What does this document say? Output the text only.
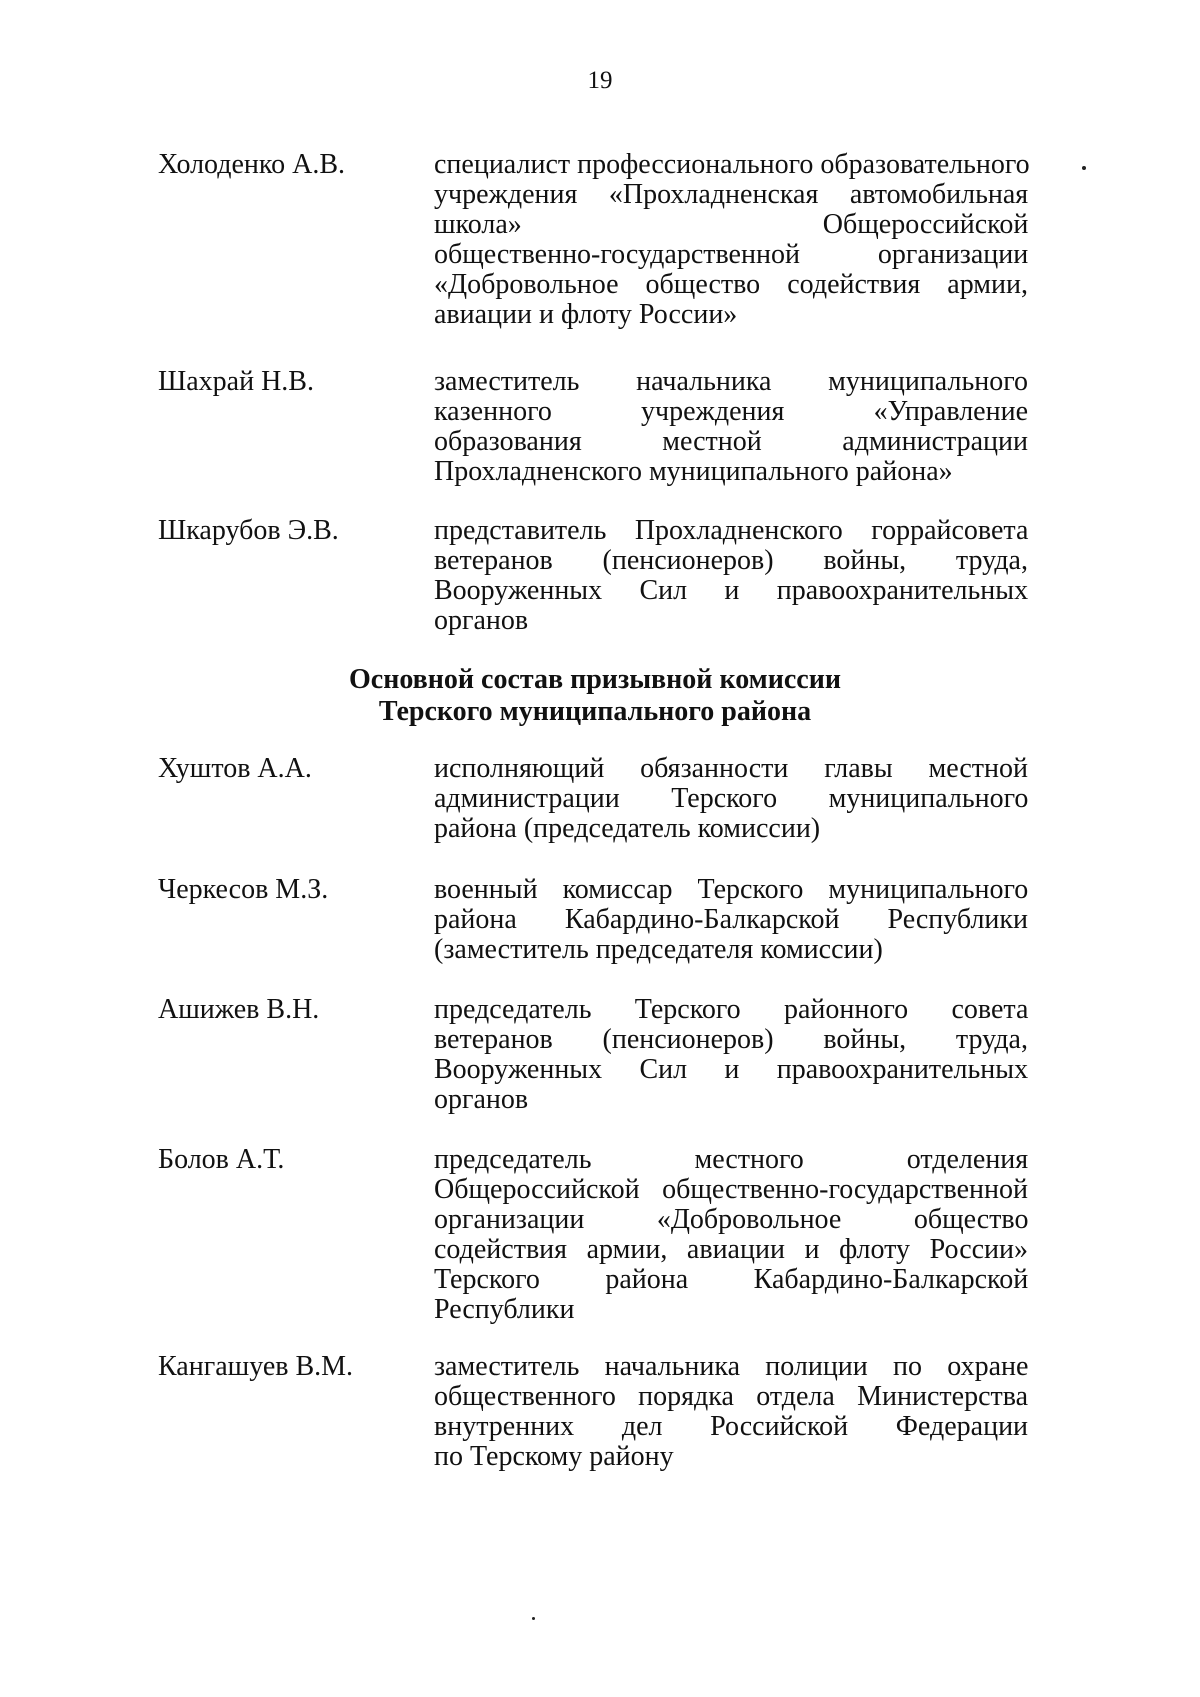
19
Холоденко А.В.	специалист профессионального образовательного
учреждения «Прохладненская автомобильная
школа» Общероссийской
общественно-государственной организации
«Добровольное общество содействия армии,
авиации и флоту России»
Шахрай Н.В.	заместитель начальника муниципального
казенного учреждения «Управление
образования местной администрации
Прохладненского муниципального района»
Шкарубов Э.В.	представитель Прохладненского горрайсовета
ветеранов (пенсионеров) войны, труда,
Вооруженных Сил и правоохранительных
органов
Основной состав призывной комиссии
Терского муниципального района
Хуштов А.А.	исполняющий обязанности главы местной
администрации Терского муниципального
района (председатель комиссии)
Черкесов М.З.	военный комиссар Терского муниципального
района Кабардино-Балкарской Республики
(заместитель председателя комиссии)
Ашижев В.Н.	председатель Терского районного совета
ветеранов (пенсионеров) войны, труда,
Вооруженных Сил и правоохранительных
органов
Болов А.Т.	председатель местного отделения
Общероссийской общественно-государственной
организации «Добровольное общество
содействия армии, авиации и флоту России»
Терского района Кабардино-Балкарской
Республики
Кангашуев В.М.	заместитель начальника полиции по охране
общественного порядка отдела Министерства
внутренних дел Российской Федерации
по Терскому району
